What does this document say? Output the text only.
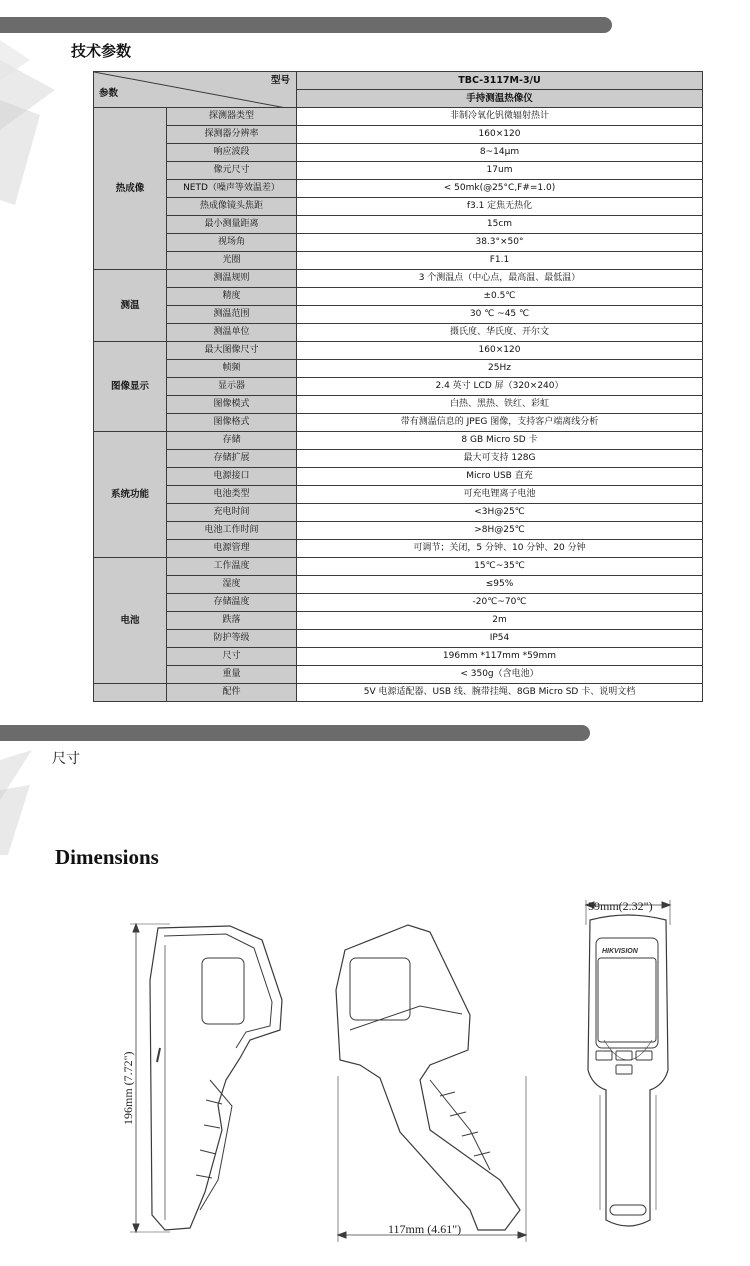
技术参数
型号
参数		TBC-3117M-3/U
		手持测温热像仪
热成像	探测器类型	非制冷氧化钒微辐射热计
	探测器分辨率	160×120
	响应波段	8~14μm
	像元尺寸	17um
	NETD（噪声等效温差）	< 50mk(@25°C,F#=1.0)
	热成像镜头焦距	f3.1 定焦无热化
	最小测量距离	15cm
	视场角	38.3°×50°
	光圈	F1.1
测温	测温规则	3 个测温点（中心点，最高温、最低温）
	精度	±0.5℃
	测温范围	30 ℃ ~45 ℃
	测温单位	摄氏度、华氏度、开尔文
图像显示	最大图像尺寸	160×120
	帧频	25Hz
	显示器	2.4 英寸 LCD 屏（320×240）
	图像模式	白热、黑热、铁红、彩虹
	图像格式	带有测温信息的 JPEG 图像，支持客户端离线分析
系统功能	存储	8 GB Micro SD 卡
	存储扩展	最大可支持 128G
	电源接口	Micro USB 直充
	电池类型	可充电锂离子电池
	充电时间	<3H@25℃
	电池工作时间	>8H@25℃
	电源管理	可调节；关闭，5 分钟、10 分钟、20 分钟
电池	工作温度	15℃~35℃
	湿度	≤95%
	存储温度	-20℃~70℃
	跌落	2m
	防护等级	IP54
	尺寸	196mm *117mm *59mm
	重量	< 350g（含电池）
	配件	5V 电源适配器、USB 线、腕带挂绳、8GB Micro SD 卡、说明文档
尺寸
Dimensions
196mm (7.72")
117mm (4.61")
59mm(2.32")
HIKVISION
